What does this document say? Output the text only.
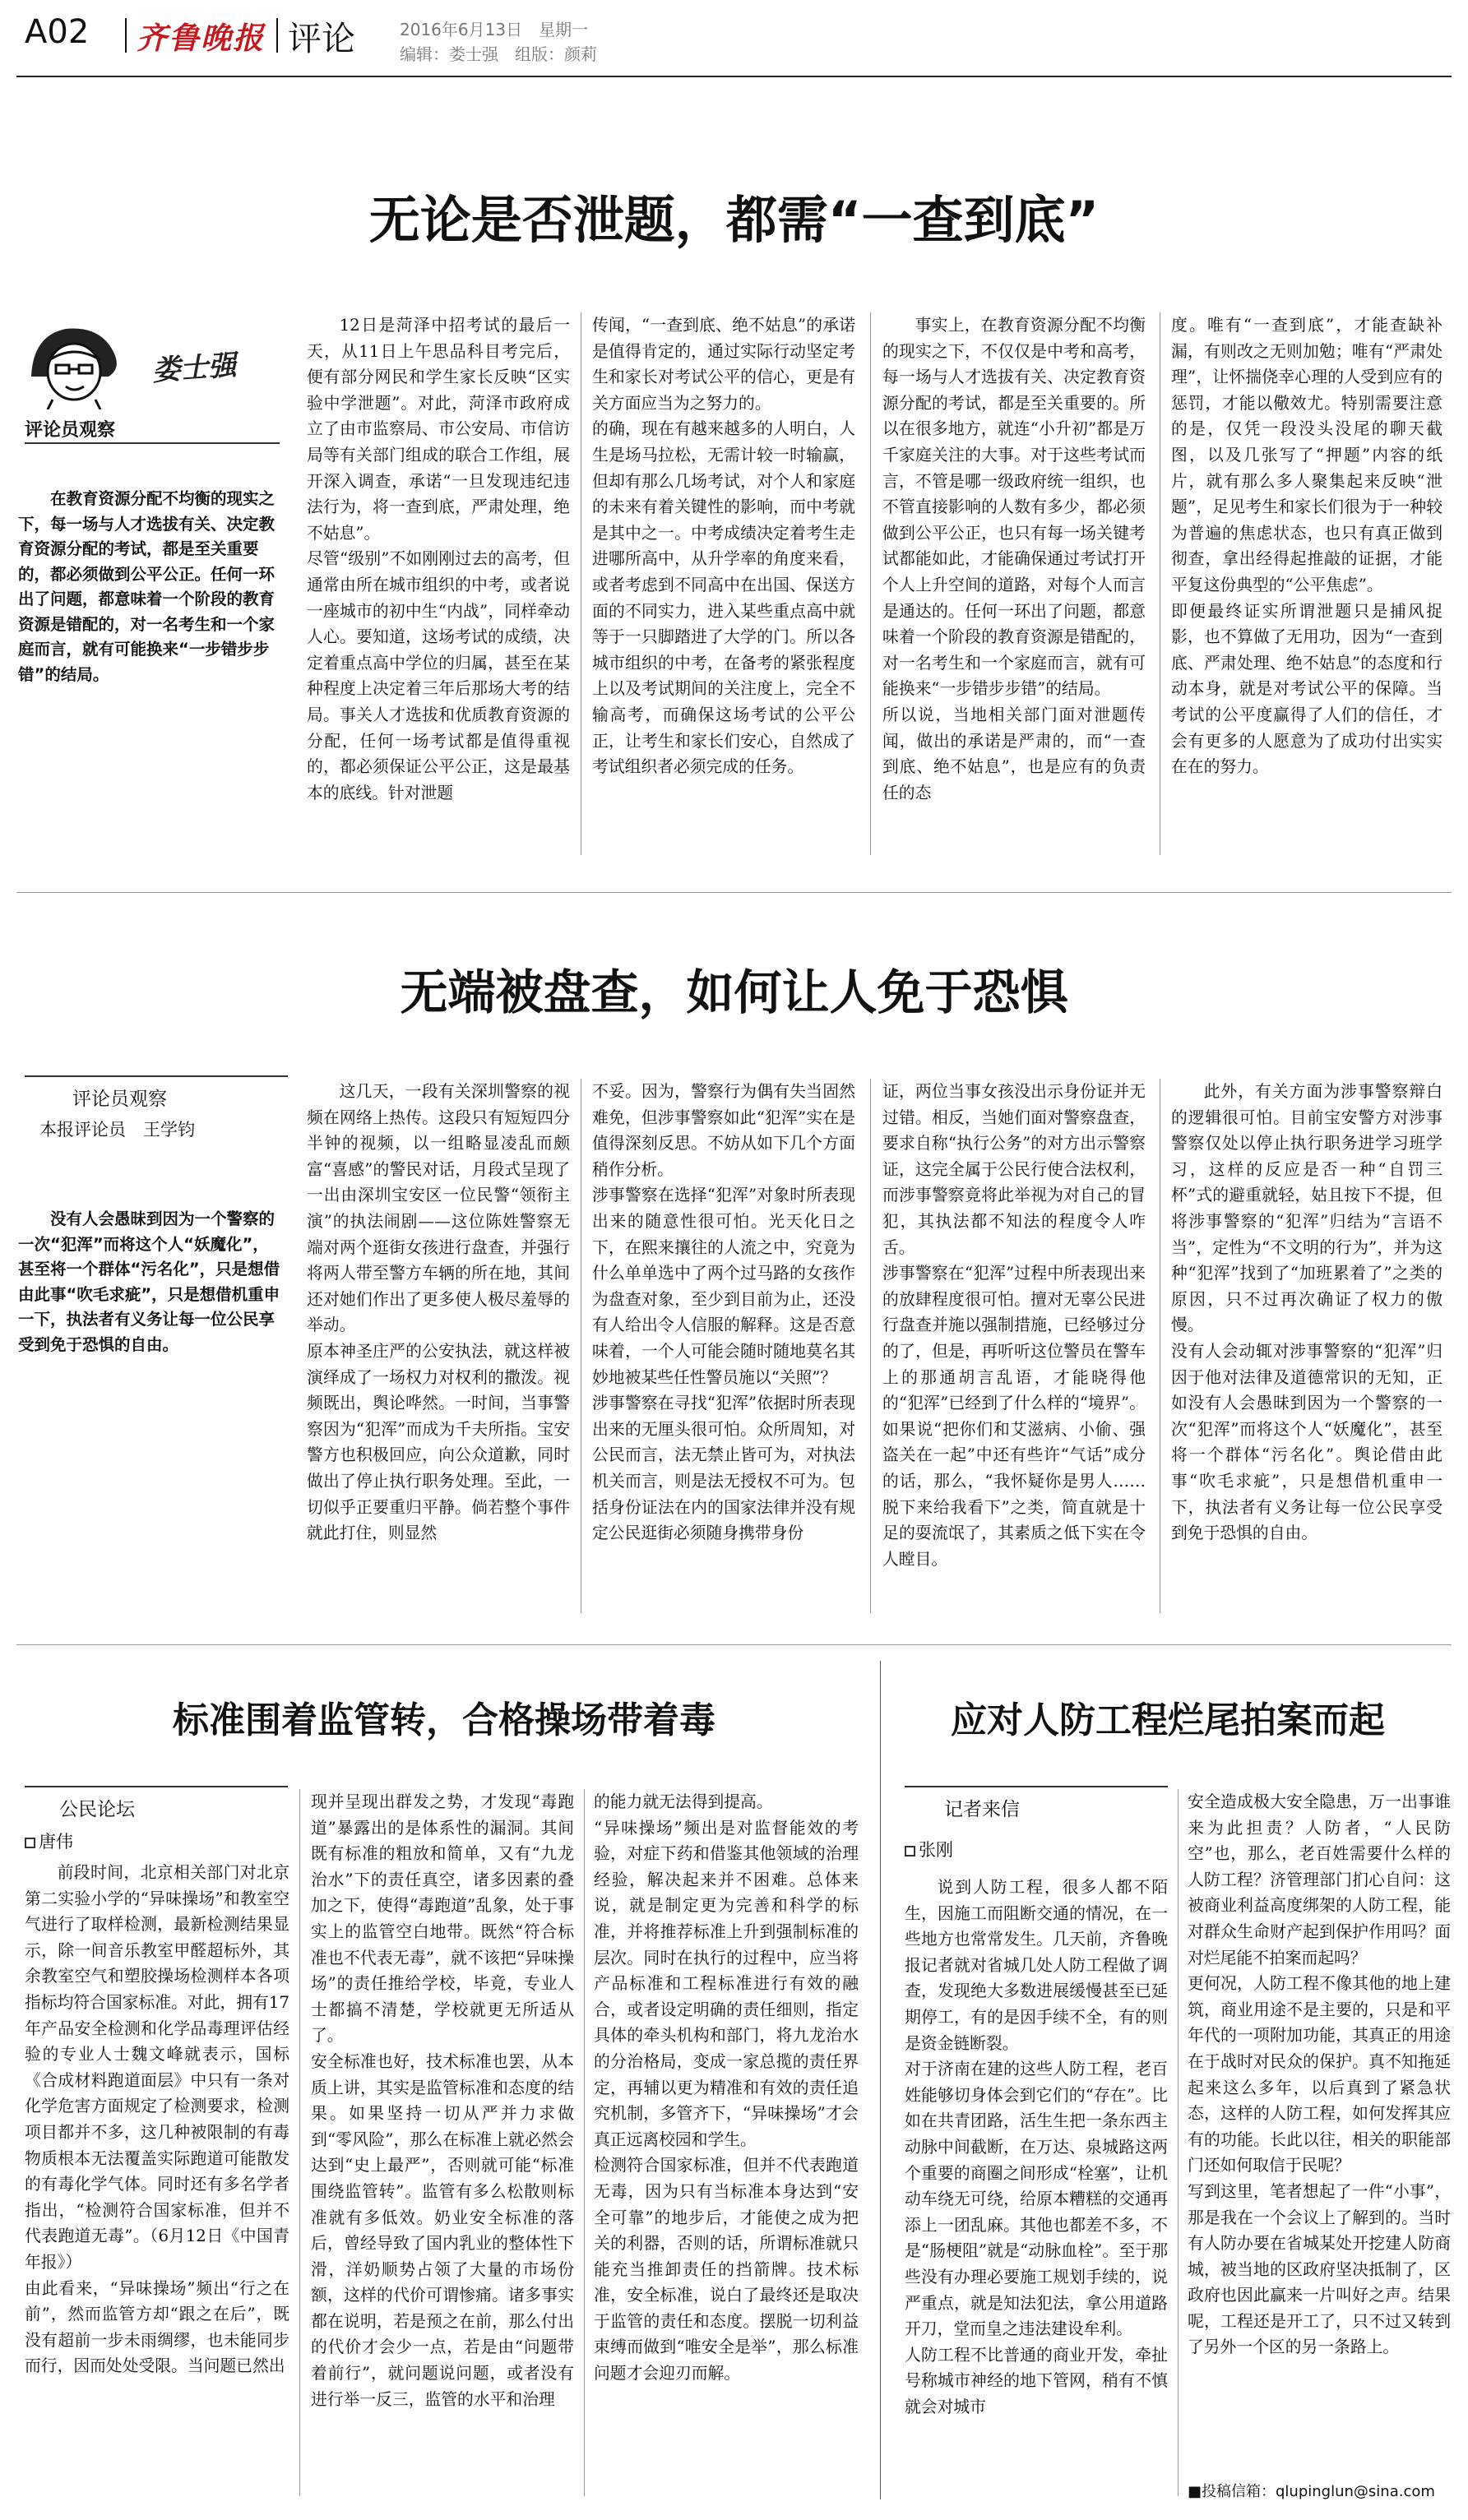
A02 齐鲁晚报 评论	2016年6月13日　 星期一
编辑：娄士强　 组版：颜莉
无论是否泄题，都需“一查到底”
娄士强
评论员观察
在教育资源分配不均衡的现实之下，每一场与人才选拔有关、决定教育资源分配的考试，都是至关重要的，都必须做到公平公正。任何一环出了问题，都意味着一个阶段的教育资源是错配的，对一名考生和一个家庭而言，就有可能换来“一步错步步错”的结局。
12日是菏泽中招考试的最后一天，从11日上午思品科目考完后，便有部分网民和学生家长反映“区实验中学泄题”。对此，菏泽市政府成立了由市监察局、市公安局、市信访局等有关部门组成的联合工作组，展开深入调查，承诺“一旦发现违纪违法行为，将一查到底，严肃处理，绝不姑息”。
尽管“级别”不如刚刚过去的高考，但通常由所在城市组织的中考，或者说一座城市的初中生“内战”，同样牵动人心。要知道，这场考试的成绩，决定着重点高中学位的归属，甚至在某种程度上决定着三年后那场大考的结局。事关人才选拔和优质教育资源的分配，任何一场考试都是值得重视的，都必须保证公平公正，这是最基本的底线。针对泄题
传闻，“一查到底、绝不姑息”的承诺是值得肯定的，通过实际行动坚定考生和家长对考试公平的信心，更是有关方面应当为之努力的。
的确，现在有越来越多的人明白，人生是场马拉松，无需计较一时输赢，但却有那么几场考试，对个人和家庭的未来有着关键性的影响，而中考就是其中之一。中考成绩决定着考生走进哪所高中，从升学率的角度来看，或者考虑到不同高中在出国、保送方面的不同实力，进入某些重点高中就等于一只脚踏进了大学的门。所以各城市组织的中考，在备考的紧张程度上以及考试期间的关注度上，完全不输高考，而确保这场考试的公平公正，让考生和家长们安心，自然成了考试组织者必须完成的任务。
事实上，在教育资源分配不均衡的现实之下，不仅仅是中考和高考，每一场与人才选拔有关、决定教育资源分配的考试，都是至关重要的。所以在很多地方，就连“小升初”都是万千家庭关注的大事。对于这些考试而言，不管是哪一级政府统一组织，也不管直接影响的人数有多少，都必须做到公平公正，也只有每一场关键考试都能如此，才能确保通过考试打开个人上升空间的道路，对每个人而言是通达的。任何一环出了问题，都意味着一个阶段的教育资源是错配的，对一名考生和一个家庭而言，就有可能换来“一步错步步错”的结局。
所以说，当地相关部门面对泄题传闻，做出的承诺是严肃的，而“一查到底、绝不姑息”，也是应有的负责任的态
度。唯有“一查到底”，才能查缺补漏，有则改之无则加勉；唯有“严肃处理”，让怀揣侥幸心理的人受到应有的惩罚，才能以儆效尤。特别需要注意的是，仅凭一段没头没尾的聊天截图，以及几张写了“押题”内容的纸片，就有那么多人聚集起来反映“泄题”，足见考生和家长们很为于一种较为普遍的焦虑状态，也只有真正做到彻查，拿出经得起推敲的证据，才能平复这份典型的“公平焦虑”。
即便最终证实所谓泄题只是捕风捉影，也不算做了无用功，因为“一查到底、严肃处理、绝不姑息”的态度和行动本身，就是对考试公平的保障。当考试的公平度赢得了人们的信任，才会有更多的人愿意为了成功付出实实在在的努力。
无端被盘查，如何让人免于恐惧
评论员观察
本报评论员　王学钧
没有人会愚昧到因为一个警察的一次“犯浑”而将这个人“妖魔化”，甚至将一个群体“污名化”，只是想借由此事“吹毛求疵”，只是想借机重申一下，执法者有义务让每一位公民享受到免于恐惧的自由。
这几天，一段有关深圳警察的视频在网络上热传。这段只有短短四分半钟的视频，以一组略显凌乱而颇富“喜感”的警民对话，月段式呈现了一出由深圳宝安区一位民警“领衔主演”的执法闹剧——这位陈姓警察无端对两个逛街女孩进行盘查，并强行将两人带至警方车辆的所在地，其间还对她们作出了更多使人极尽羞辱的举动。
原本神圣庄严的公安执法，就这样被演绎成了一场权力对权利的撒泼。视频既出，舆论哗然。一时间，当事警察因为“犯浑”而成为千夫所指。宝安警方也积极回应，向公众道歉，同时做出了停止执行职务处理。至此，一切似乎正要重归平静。倘若整个事件就此打住，则显然
不妥。因为，警察行为偶有失当固然难免，但涉事警察如此“犯浑”实在是值得深刻反思。不妨从如下几个方面稍作分析。
涉事警察在选择“犯浑”对象时所表现出来的随意性很可怕。光天化日之下，在熙来攘往的人流之中，究竟为什么单单选中了两个过马路的女孩作为盘查对象，至少到目前为止，还没有人给出令人信服的解释。这是否意味着，一个人可能会随时随地莫名其妙地被某些任性警员施以“关照”？
涉事警察在寻找“犯浑”依据时所表现出来的无厘头很可怕。众所周知，对公民而言，法无禁止皆可为，对执法机关而言，则是法无授权不可为。包括身份证法在内的国家法律并没有规定公民逛街必须随身携带身份
证，两位当事女孩没出示身份证并无过错。相反，当她们面对警察盘查，要求自称“执行公务”的对方出示警察证，这完全属于公民行使合法权利，而涉事警察竟将此举视为对自己的冒犯，其执法都不知法的程度令人咋舌。
涉事警察在“犯浑”过程中所表现出来的放肆程度很可怕。擅对无辜公民进行盘查并施以强制措施，已经够过分的了，但是，再听听这位警员在警车上的那通胡言乱语，才能晓得他的“犯浑”已经到了什么样的“境界”。如果说“把你们和艾滋病、小偷、强盗关在一起”中还有些许“气话”成分的话，那么，“我怀疑你是男人……脱下来给我看下”之类，简直就是十足的耍流氓了，其素质之低下实在令人瞠目。
此外，有关方面为涉事警察辩白的逻辑很可怕。目前宝安警方对涉事警察仅处以停止执行职务进学习班学习，这样的反应是否一种“自罚三杯”式的避重就轻，姑且按下不提，但将涉事警察的“犯浑”归结为“言语不当”，定性为“不文明的行为”，并为这种“犯浑”找到了“加班累着了”之类的原因，只不过再次确证了权力的傲慢。
没有人会动辄对涉事警察的“犯浑”归因于他对法律及道德常识的无知，正如没有人会愚昧到因为一个警察的一次“犯浑”而将这个人“妖魔化”，甚至将一个群体“污名化”。舆论借由此事“吹毛求疵”，只是想借机重申一下，执法者有义务让每一位公民享受到免于恐惧的自由。
标准围着监管转，合格操场带着毒
公民论坛
唐伟
前段时间，北京相关部门对北京第二实验小学的“异味操场”和教室空气进行了取样检测，最新检测结果显示，除一间音乐教室甲醛超标外，其余教室空气和塑胶操场检测样本各项指标均符合国家标准。对此，拥有17年产品安全检测和化学品毒理评估经验的专业人士魏文峰就表示，国标《合成材料跑道面层》中只有一条对化学危害方面规定了检测要求，检测项目都并不多，这几种被限制的有毒物质根本无法覆盖实际跑道可能散发的有毒化学气体。同时还有多名学者指出，“检测符合国家标准，但并不代表跑道无毒”。（6月12日《中国青年报》）
由此看来，“异味操场”频出“行之在前”，然而监管方却“跟之在后”，既没有超前一步未雨绸缪，也未能同步而行，因而处处受限。当问题已然出
现并呈现出群发之势，才发现“毒跑道”暴露出的是体系性的漏洞。其间既有标准的粗放和简单，又有“九龙治水”下的责任真空，诸多因素的叠加之下，使得“毒跑道”乱象，处于事实上的监管空白地带。既然“符合标准也不代表无毒”，就不该把“异味操场”的责任推给学校，毕竟，专业人士都搞不清楚，学校就更无所适从了。
安全标准也好，技术标准也罢，从本质上讲，其实是监管标准和态度的结果。如果坚持一切从严并力求做到“零风险”，那么在标准上就必然会达到“史上最严”，否则就可能“标准围绕监管转”。监管有多么松散则标准就有多低效。奶业安全标准的落后，曾经导致了国内乳业的整体性下滑，洋奶顺势占领了大量的市场份额，这样的代价可谓惨痛。诸多事实都在说明，若是预之在前，那么付出的代价才会少一点，若是由“问题带着前行”，就问题说问题，或者没有进行举一反三，监管的水平和治理
的能力就无法得到提高。
“异味操场”频出是对监督能效的考验，对症下药和借鉴其他领域的治理经验，解决起来并不困难。总体来说，就是制定更为完善和科学的标准，并将推荐标准上升到强制标准的层次。同时在执行的过程中，应当将产品标准和工程标准进行有效的融合，或者设定明确的责任细则，指定具体的牵头机构和部门，将九龙治水的分治格局，变成一家总揽的责任界定，再辅以更为精准和有效的责任追究机制，多管齐下，“异味操场”才会真正远离校园和学生。
检测符合国家标准，但并不代表跑道无毒，因为只有当标准本身达到“安全可靠”的地步后，才能使之成为把关的利器，否则的话，所谓标准就只能充当推卸责任的挡箭牌。技术标准，安全标准，说白了最终还是取决于监管的责任和态度。摆脱一切利益束缚而做到“唯安全是举”，那么标准问题才会迎刃而解。
应对人防工程烂尾拍案而起
记者来信
张刚
说到人防工程，很多人都不陌生，因施工而阻断交通的情况，在一些地方也常常发生。几天前，齐鲁晚报记者就对省城几处人防工程做了调查，发现绝大多数进展缓慢甚至已延期停工，有的是因手续不全，有的则是资金链断裂。
对于济南在建的这些人防工程，老百姓能够切身体会到它们的“存在”。比如在共青团路，活生生把一条东西主动脉中间截断，在万达、泉城路这两个重要的商圈之间形成“栓塞”，让机动车绕无可绕，给原本糟糕的交通再添上一团乱麻。其他也都差不多，不是“肠梗阻”就是“动脉血栓”。至于那些没有办理必要施工规划手续的，说严重点，就是知法犯法，拿公用道路开刀，堂而皇之违法建设牟利。
人防工程不比普通的商业开发，牵扯号称城市神经的地下管网，稍有不慎就会对城市
安全造成极大安全隐患，万一出事谁来为此担责？人防者，“人民防空”也，那么，老百姓需要什么样的人防工程？济管理部门扪心自问：这被商业利益高度绑架的人防工程，能对群众生命财产起到保护作用吗？面对烂尾能不拍案而起吗？
更何况，人防工程不像其他的地上建筑，商业用途不是主要的，只是和平年代的一项附加功能，其真正的用途在于战时对民众的保护。真不知拖延起来这么多年，以后真到了紧急状态，这样的人防工程，如何发挥其应有的功能。长此以往，相关的职能部门还如何取信于民呢？
写到这里，笔者想起了一件“小事”，那是我在一个会议上了解到的。当时有人防办要在省城某处开挖建人防商城，被当地的区政府坚决抵制了，区政府也因此赢来一片叫好之声。结果呢，工程还是开工了，只不过又转到了另外一个区的另一条路上。
■投稿信箱：qlupinglun@sina.com
